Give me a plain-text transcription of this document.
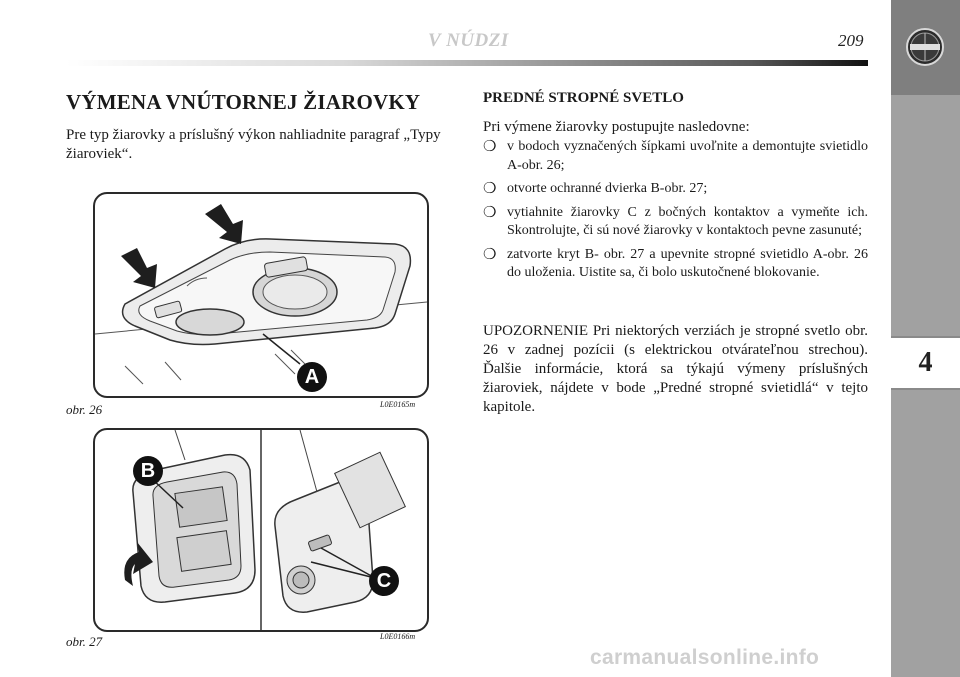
4
V NÚDZI	209
VÝMENA VNÚTORNEJ ŽIAROVKY
Pre typ žiarovky a príslušný výkon nahliadnite paragraf „Typy žiaroviek“.
A
obr. 26	L0E0165m
B
C
obr. 27	L0E0166m
PREDNÉ STROPNÉ SVETLO
Pri výmene žiarovky postupujte nasledovne:
❍ v bodoch vyznačených šípkami uvoľnite a demontujte svietidlo A-obr. 26;
❍ otvorte ochranné dvierka B-obr. 27;
❍ vytiahnite žiarovky C z bočných kontaktov a vymeňte ich. Skontrolujte, či sú nové žiarovky v kontaktoch pevne zasunuté;
❍ zatvorte kryt B- obr. 27 a upevnite stropné svietidlo A-obr. 26 do uloženia. Uistite sa, či bolo uskutočnené blokovanie.
UPOZORNENIE Pri niektorých verziách je stropné svetlo obr. 26 v zadnej pozícii (s elektrickou otvárateľnou strechou). Ďalšie informácie, ktorá sa týkajú výmeny príslušných žiaroviek, nájdete v bode „Predné stropné svietidlá“ v tejto kapitole.
carmanualsonline.info
